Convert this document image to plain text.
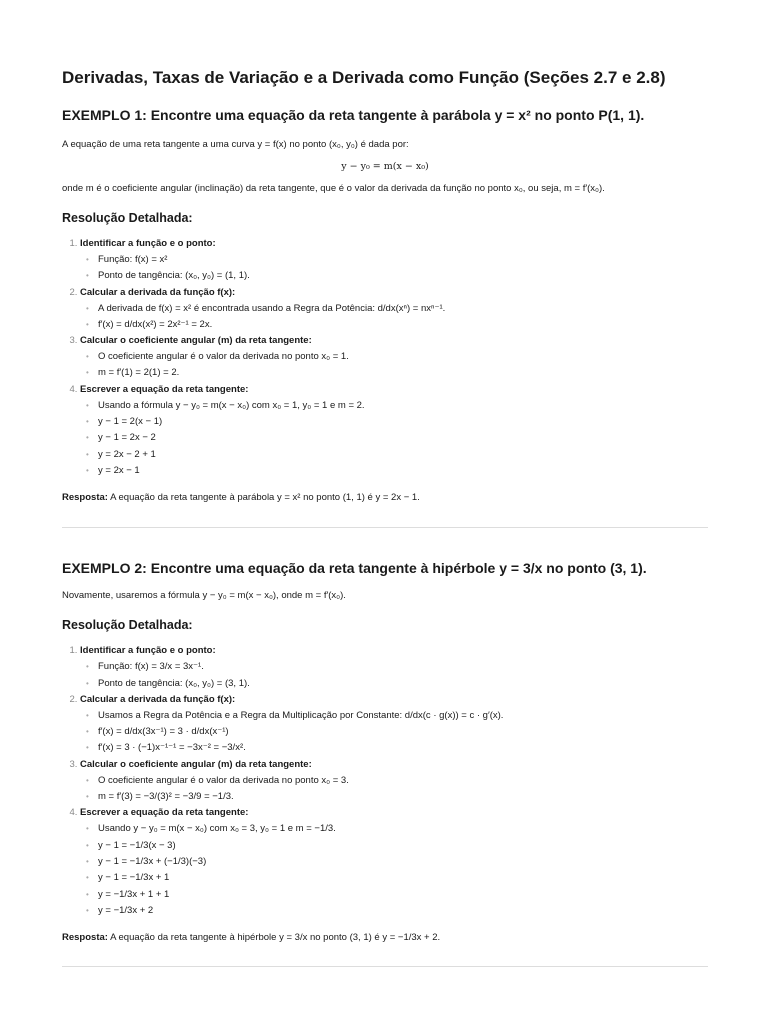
Derivadas, Taxas de Variação e a Derivada como Função (Seções 2.7 e 2.8)
EXEMPLO 1: Encontre uma equação da reta tangente à parábola y = x² no ponto P(1, 1).

A equação de uma reta tangente a uma curva y = f(x) no ponto (x₀, y₀) é dada por:

y − y₀ = m(x − x₀)

onde m é o coeficiente angular (inclinação) da reta tangente, que é o valor da derivada da função no ponto x₀, ou seja, m = f′(x₀).

Resolução Detalhada:
1. Identificar a função e o ponto:
• Função: f(x) = x²
• Ponto de tangência: (x₀, y₀) = (1, 1).
2. Calcular a derivada da função f(x):
• A derivada de f(x) = x² é encontrada usando a Regra da Potência: d/dx(xⁿ) = nxⁿ⁻¹.
• f′(x) = d/dx(x²) = 2x²⁻¹ = 2x.
3. Calcular o coeficiente angular (m) da reta tangente:
• O coeficiente angular é o valor da derivada no ponto x₀ = 1.
• m = f′(1) = 2(1) = 2.
4. Escrever a equação da reta tangente:
• Usando a fórmula y − y₀ = m(x − x₀) com x₀ = 1, y₀ = 1 e m = 2.
• y − 1 = 2(x − 1)
• y − 1 = 2x − 2
• y = 2x − 2 + 1
• y = 2x − 1

Resposta: A equação da reta tangente à parábola y = x² no ponto (1, 1) é y = 2x − 1.

EXEMPLO 2: Encontre uma equação da reta tangente à hipérbole y = 3/x no ponto (3, 1).

Novamente, usaremos a fórmula y − y₀ = m(x − x₀), onde m = f′(x₀).

Resolução Detalhada:
1. Identificar a função e o ponto:
• Função: f(x) = 3/x = 3x⁻¹.
• Ponto de tangência: (x₀, y₀) = (3, 1).
2. Calcular a derivada da função f(x):
• Usamos a Regra da Potência e a Regra da Multiplicação por Constante: d/dx(c · g(x)) = c · g′(x).
• f′(x) = d/dx(3x⁻¹) = 3 · d/dx(x⁻¹)
• f′(x) = 3 · (−1)x⁻¹⁻¹ = −3x⁻² = −3/x².
3. Calcular o coeficiente angular (m) da reta tangente:
• O coeficiente angular é o valor da derivada no ponto x₀ = 3.
• m = f′(3) = −3/(3)² = −3/9 = −1/3.
4. Escrever a equação da reta tangente:
• Usando y − y₀ = m(x − x₀) com x₀ = 3, y₀ = 1 e m = −1/3.
• y − 1 = −1/3(x − 3)
• y − 1 = −1/3x + (−1/3)(−3)
• y − 1 = −1/3x + 1
• y = −1/3x + 1 + 1
• y = −1/3x + 2

Resposta: A equação da reta tangente à hipérbole y = 3/x no ponto (3, 1) é y = −1/3x + 2.
